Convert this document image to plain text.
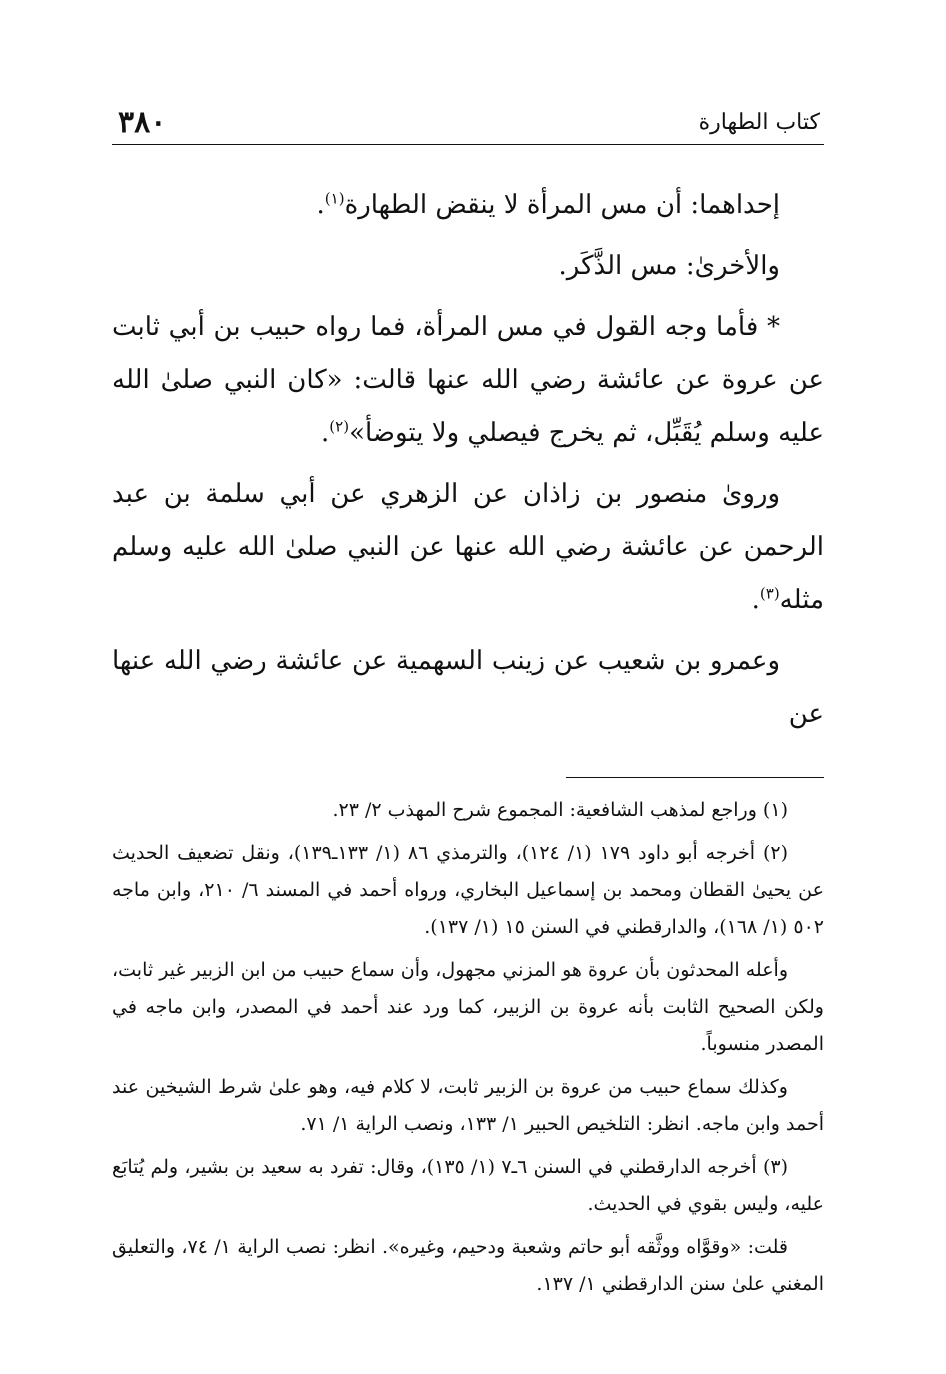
كتاب الطهارة
٣٨٠

إحداهما: أن مس المرأة لا ينقض الطهارة$^{(١)}$.

والأخرىٰ: مس الذَّكَر.

* فأما وجه القول في مس المرأة، فما رواه حبيب بن أبي ثابت عن عروة عن عائشة رضي الله عنها قالت: «كان النبي صلىٰ الله عليه وسلم يُقَبِّل، ثم يخرج فيصلي ولا يتوضأ»$^{(٢)}$.

وروىٰ منصور بن زاذان عن الزهري عن أبي سلمة بن عبد الرحمن عن عائشة رضي الله عنها عن النبي صلىٰ الله عليه وسلم مثله$^{(٣)}$.

وعمرو بن شعيب عن زينب السهمية عن عائشة رضي الله عنها عن

(١) وراجع لمذهب الشافعية: المجموع شرح المهذب ٢/ ٢٣.

(٢) أخرجه أبو داود ١٧٩ (١/ ١٢٤)، والترمذي ٨٦ (١/ ١٣٣ـ١٣٩)، ونقل تضعيف الحديث عن يحيىٰ القطان ومحمد بن إسماعيل البخاري، ورواه أحمد في المسند ٦/ ٢١٠، وابن ماجه ٥٠٢ (١/ ١٦٨)، والدارقطني في السنن ١٥ (١/ ١٣٧).

وأعله المحدثون بأن عروة هو المزني مجهول، وأن سماع حبيب من ابن الزبير غير ثابت، ولكن الصحيح الثابت بأنه عروة بن الزبير، كما ورد عند أحمد في المصدر، وابن ماجه في المصدر منسوباً.

وكذلك سماع حبيب من عروة بن الزبير ثابت، لا كلام فيه، وهو علىٰ شرط الشيخين عند أحمد وابن ماجه. انظر: التلخيص الحبير ١/ ١٣٣، ونصب الراية ١/ ٧١.

(٣) أخرجه الدارقطني في السنن ٦ـ٧ (١/ ١٣٥)، وقال: تفرد به سعيد بن بشير، ولم يُتابَع عليه، وليس بقوي في الحديث.

قلت: «وقوَّاه ووثَّقه أبو حاتم وشعبة ودحيم، وغيره». انظر: نصب الراية ١/ ٧٤، والتعليق المغني علىٰ سنن الدارقطني ١/ ١٣٧.
